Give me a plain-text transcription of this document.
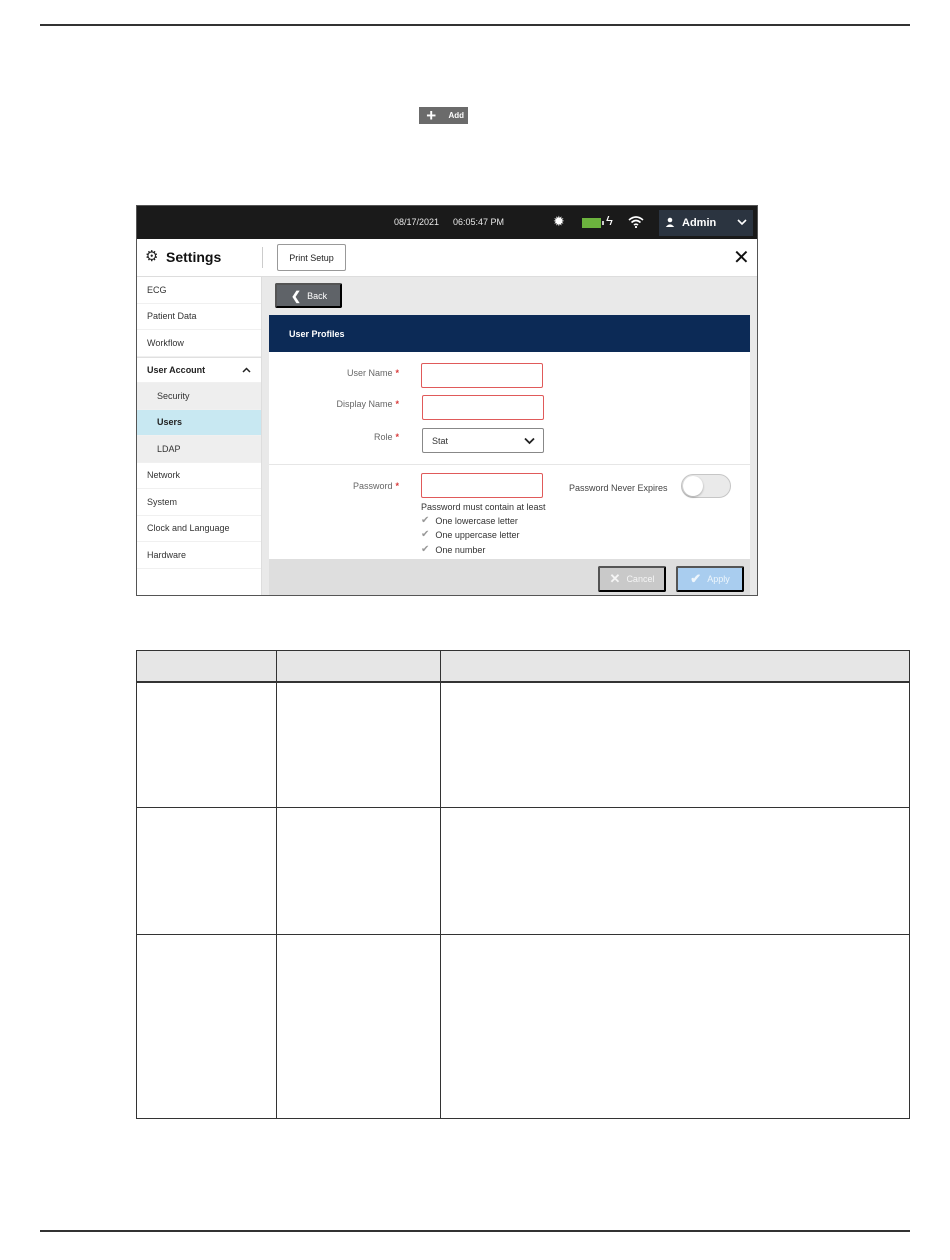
+	Add
08/17/2021 06:05:47 PM	✹	ϟ	Admin
⚙ Settings	Print Setup	✕
ECG
Patient Data
Workflow
User Account
Security
Users
LDAP
Network
System
Clock and Language
Hardware
❮ Back
User Profiles
User Name *
Display Name *
Role *	Stat
Password *
Password must contain at least
✔ One lowercase letter
✔ One uppercase letter
✔ One number
Password Never Expires
✕ Cancel	✔ Apply
